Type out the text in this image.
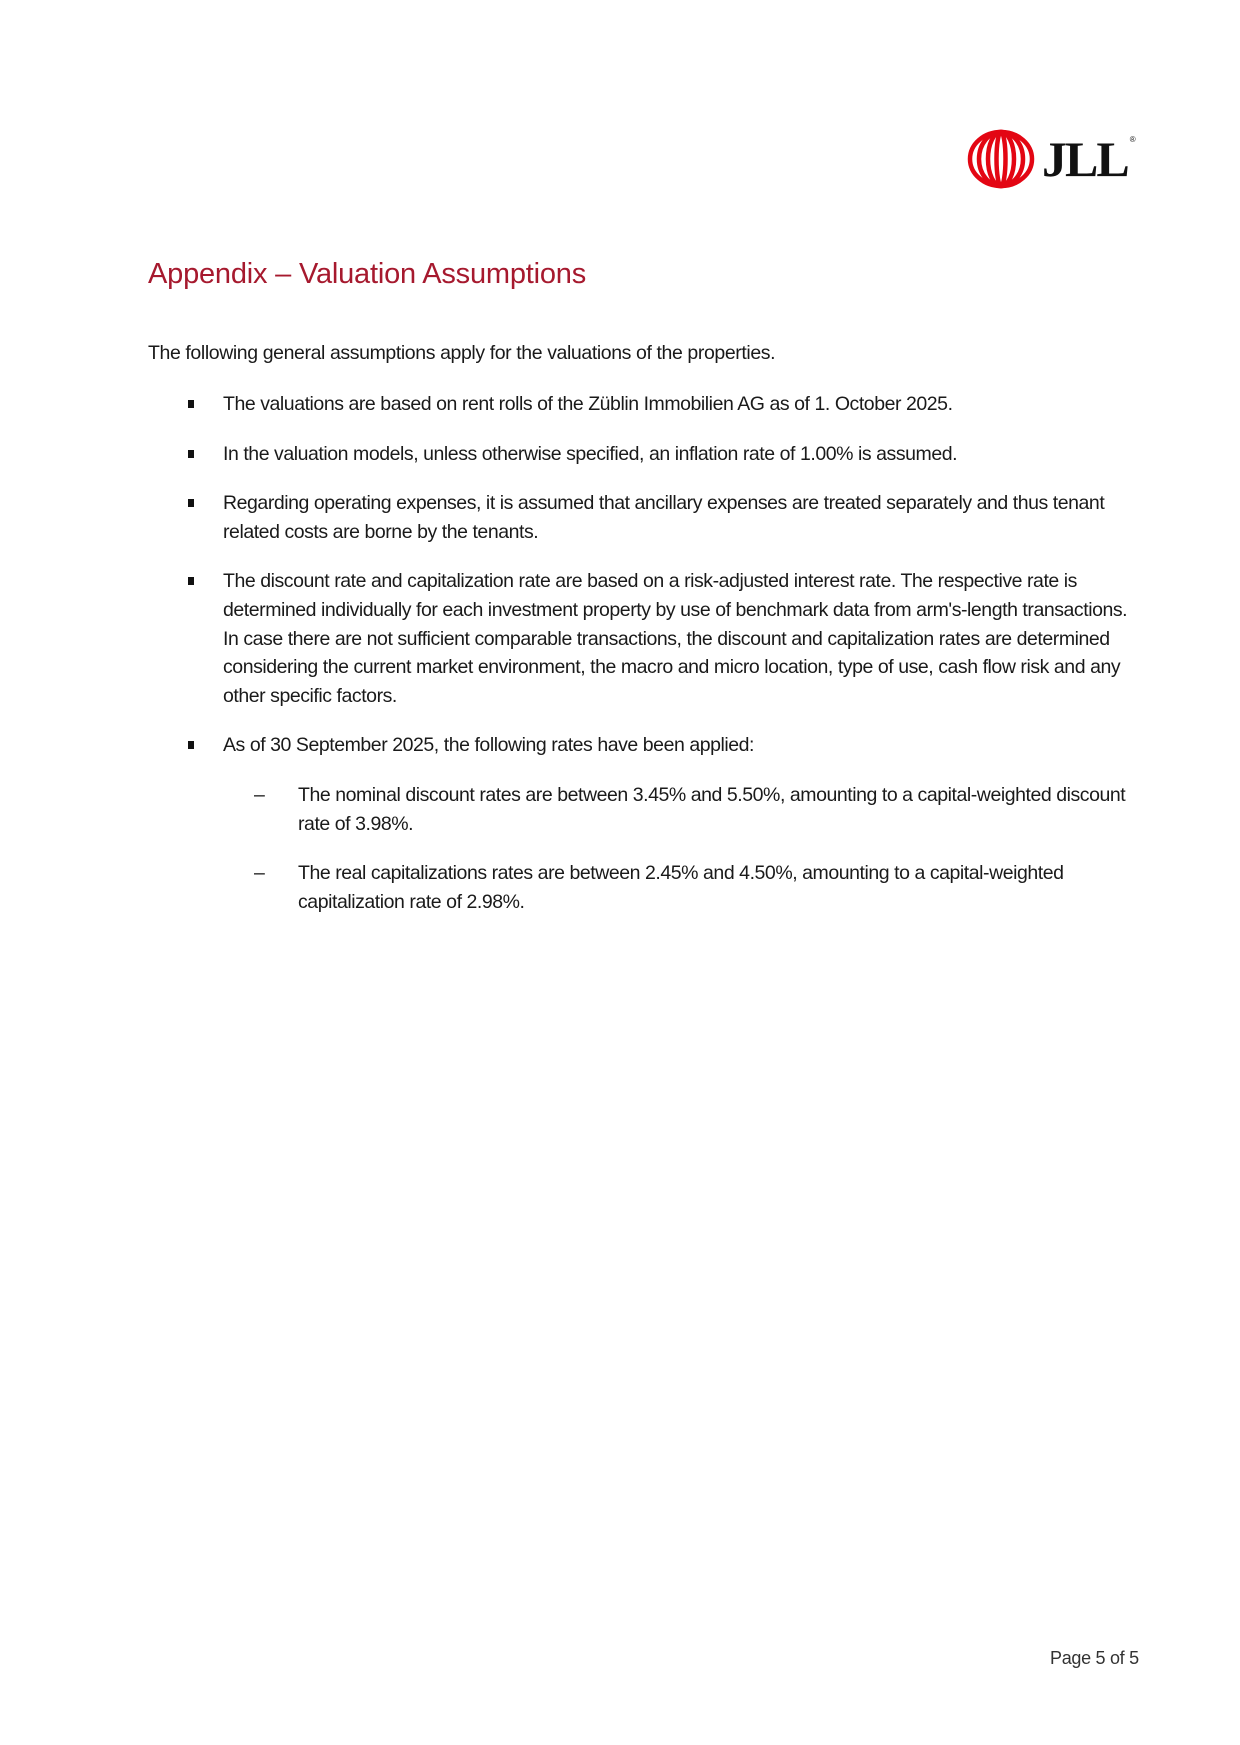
JLL ®
Appendix – Valuation Assumptions

The following general assumptions apply for the valuations of the properties.

The valuations are based on rent rolls of the Züblin Immobilien AG as of 1. October 2025.
In the valuation models, unless otherwise specified, an inflation rate of 1.00% is assumed.
Regarding operating expenses, it is assumed that ancillary expenses are treated separately and thus tenant related costs are borne by the tenants.
The discount rate and capitalization rate are based on a risk-adjusted interest rate. The respective rate is determined individually for each investment property by use of benchmark data from arm's-length transactions. In case there are not sufficient comparable transactions, the discount and capitalization rates are determined considering the current market environment, the macro and micro location, type of use, cash flow risk and any other specific factors.
As of 30 September 2025, the following rates have been applied:
– The nominal discount rates are between 3.45% and 5.50%, amounting to a capital-weighted discount rate of 3.98%.
– The real capitalizations rates are between 2.45% and 4.50%, amounting to a capital-weighted capitalization rate of 2.98%.
Page 5 of 5
